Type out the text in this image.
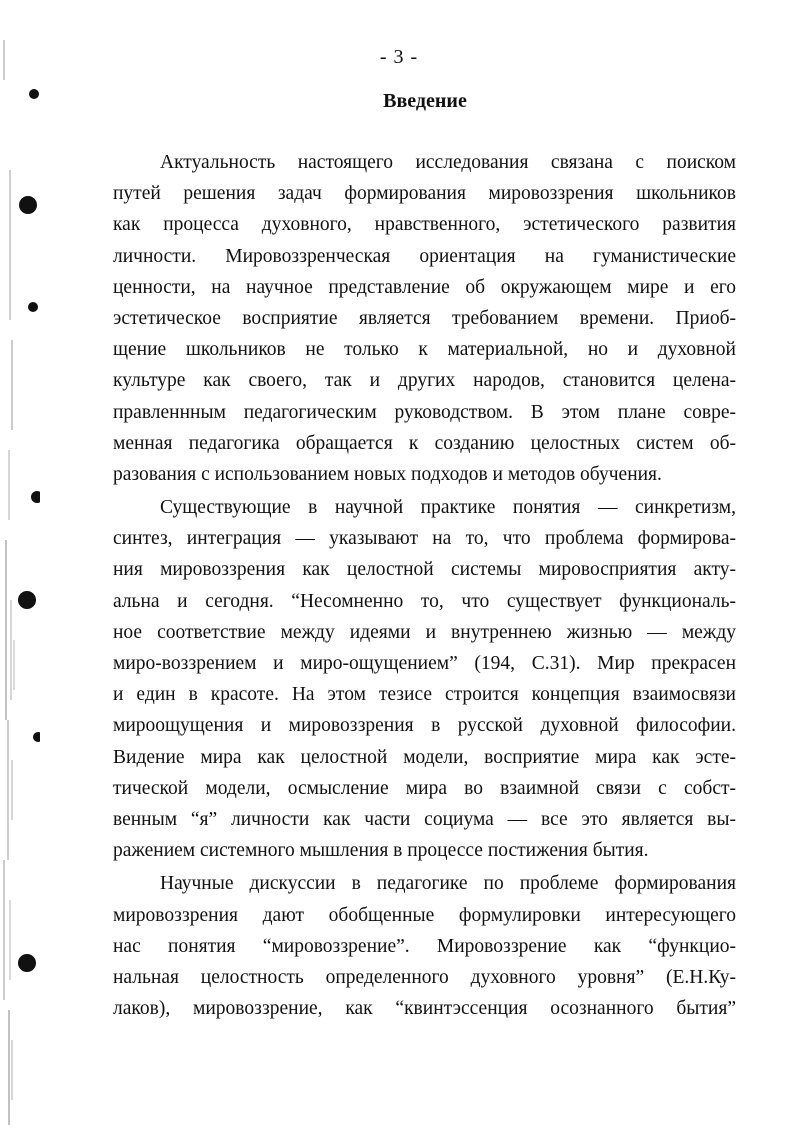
- 3 -
Введение
Актуальность настоящего исследования связана с поиском
путей решения задач формирования мировоззрения школьников
как процесса духовного, нравственного, эстетического развития
личности. Мировоззренческая ориентация на гуманистические
ценности, на научное представление об окружающем мире и его
эстетическое восприятие является требованием времени. Приоб-
щение школьников не только к материальной, но и духовной
культуре как своего, так и других народов, становится целена-
правленнным педагогическим руководством. В этом плане совре-
менная педагогика обращается к созданию целостных систем об-
разования с использованием новых подходов и методов обучения.
Существующие в научной практике понятия — синкретизм,
синтез, интеграция — указывают на то, что проблема формирова-
ния мировоззрения как целостной системы мировосприятия акту-
альна и сегодня. “Несомненно то, что существует функциональ-
ное соответствие между идеями и внутреннею жизнью — между
миро-воззрением и миро-ощущением” (194, С.31). Мир прекрасен
и един в красоте. На этом тезисе строится концепция взаимосвязи
мироощущения и мировоззрения в русской духовной философии.
Видение мира как целостной модели, восприятие мира как эсте-
тической модели, осмысление мира во взаимной связи с собст-
венным “я” личности как части социума — все это является вы-
ражением системного мышления в процессе постижения бытия.
Научные дискуссии в педагогике по проблеме формирования
мировоззрения дают обобщенные формулировки интересующего
нас понятия “мировоззрение”. Мировоззрение как “функцио-
нальная целостность определенного духовного уровня” (Е.Н.Ку-
лаков), мировоззрение, как “квинтэссенция осознанного бытия”
